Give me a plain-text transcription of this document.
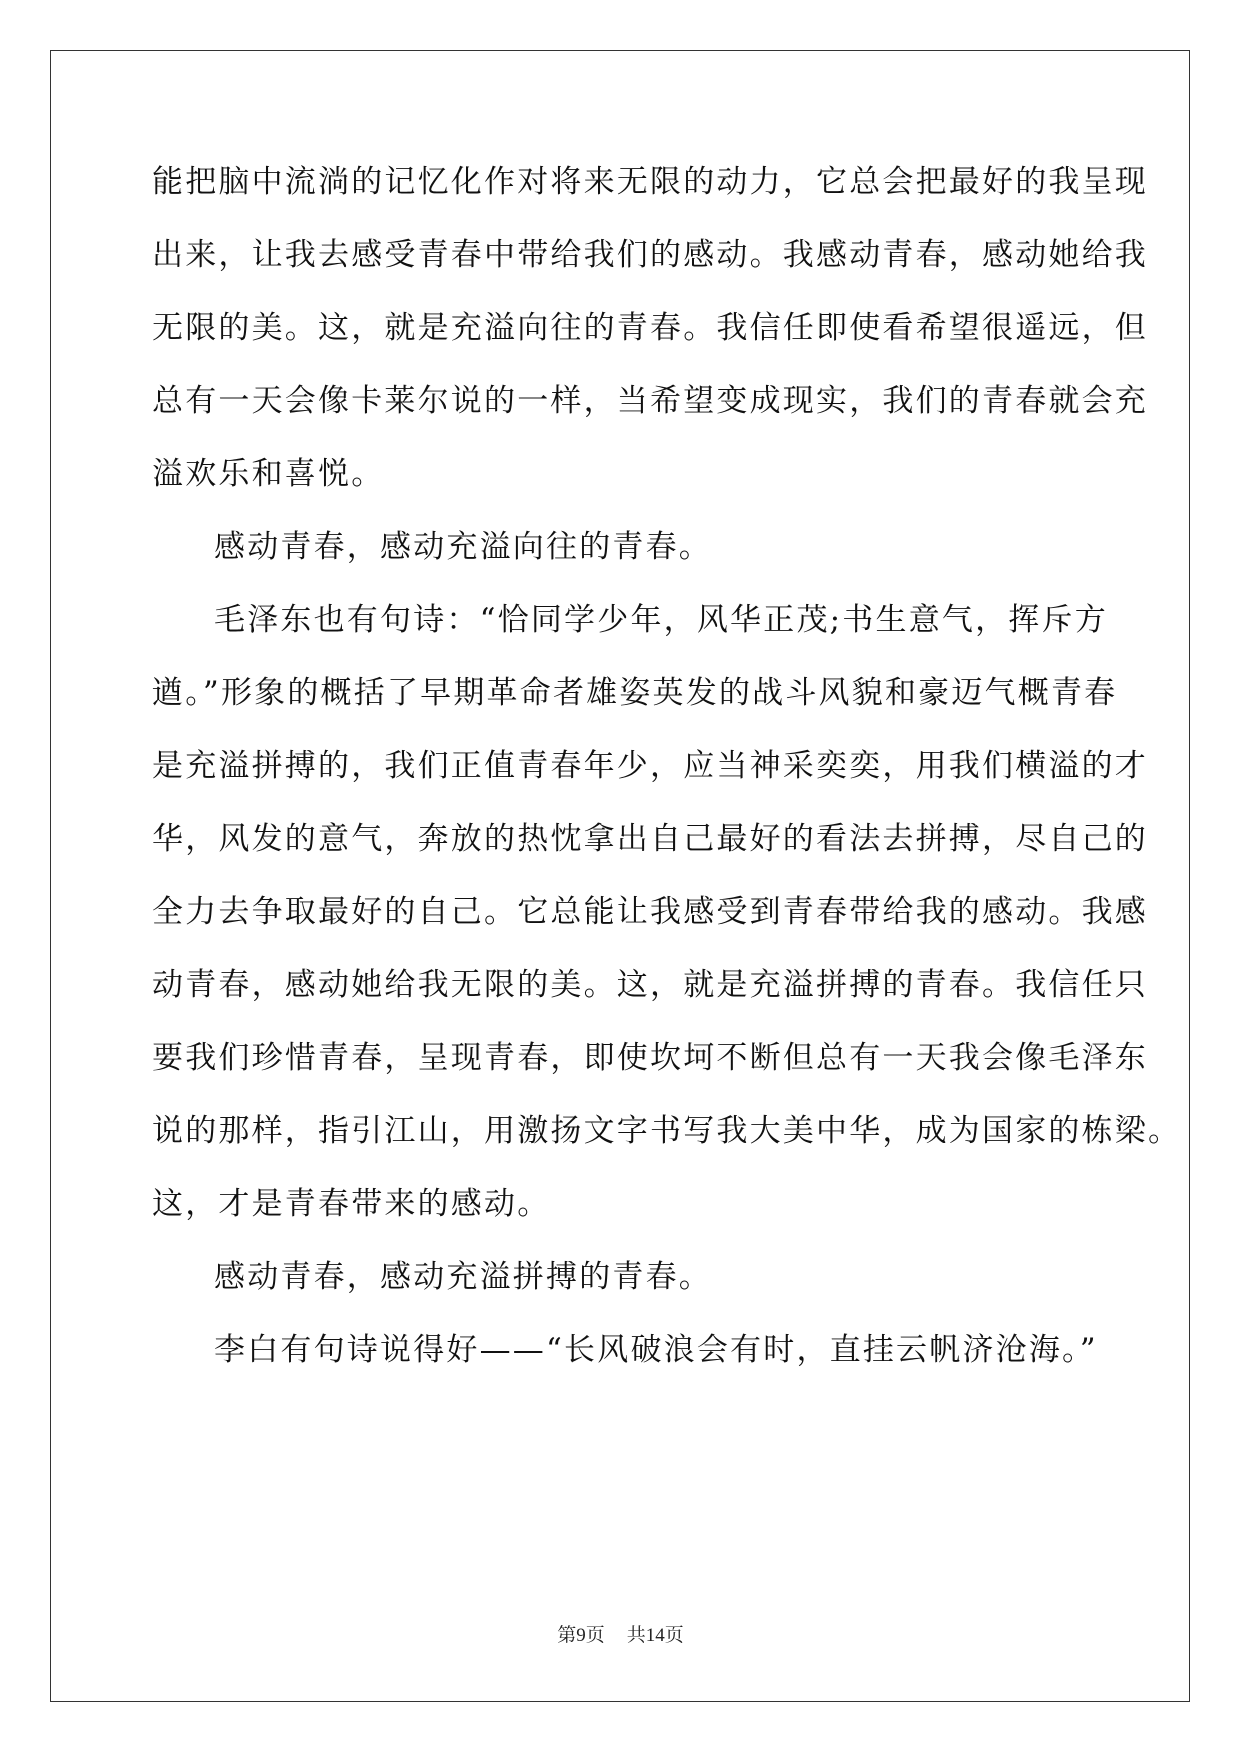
能把脑中流淌的记忆化作对将来无限的动力，它总会把最好的我呈现
出来，让我去感受青春中带给我们的感动。我感动青春，感动她给我
无限的美。这，就是充溢向往的青春。我信任即使看希望很遥远，但
总有一天会像卡莱尔说的一样，当希望变成现实，我们的青春就会充
溢欢乐和喜悦。
感动青春，感动充溢向往的青春。
毛泽东也有句诗：“恰同学少年，风华正茂;书生意气，挥斥方
遒。”形象的概括了早期革命者雄姿英发的战斗风貌和豪迈气概青春
是充溢拼搏的，我们正值青春年少，应当神采奕奕，用我们横溢的才
华，风发的意气，奔放的热忱拿出自己最好的看法去拼搏，尽自己的
全力去争取最好的自己。它总能让我感受到青春带给我的感动。我感
动青春，感动她给我无限的美。这，就是充溢拼搏的青春。我信任只
要我们珍惜青春，呈现青春，即使坎坷不断但总有一天我会像毛泽东
说的那样，指引江山，用激扬文字书写我大美中华，成为国家的栋梁。
这，才是青春带来的感动。
感动青春，感动充溢拼搏的青春。
李白有句诗说得好——“长风破浪会有时，直挂云帆济沧海。”
第9页 共14页
